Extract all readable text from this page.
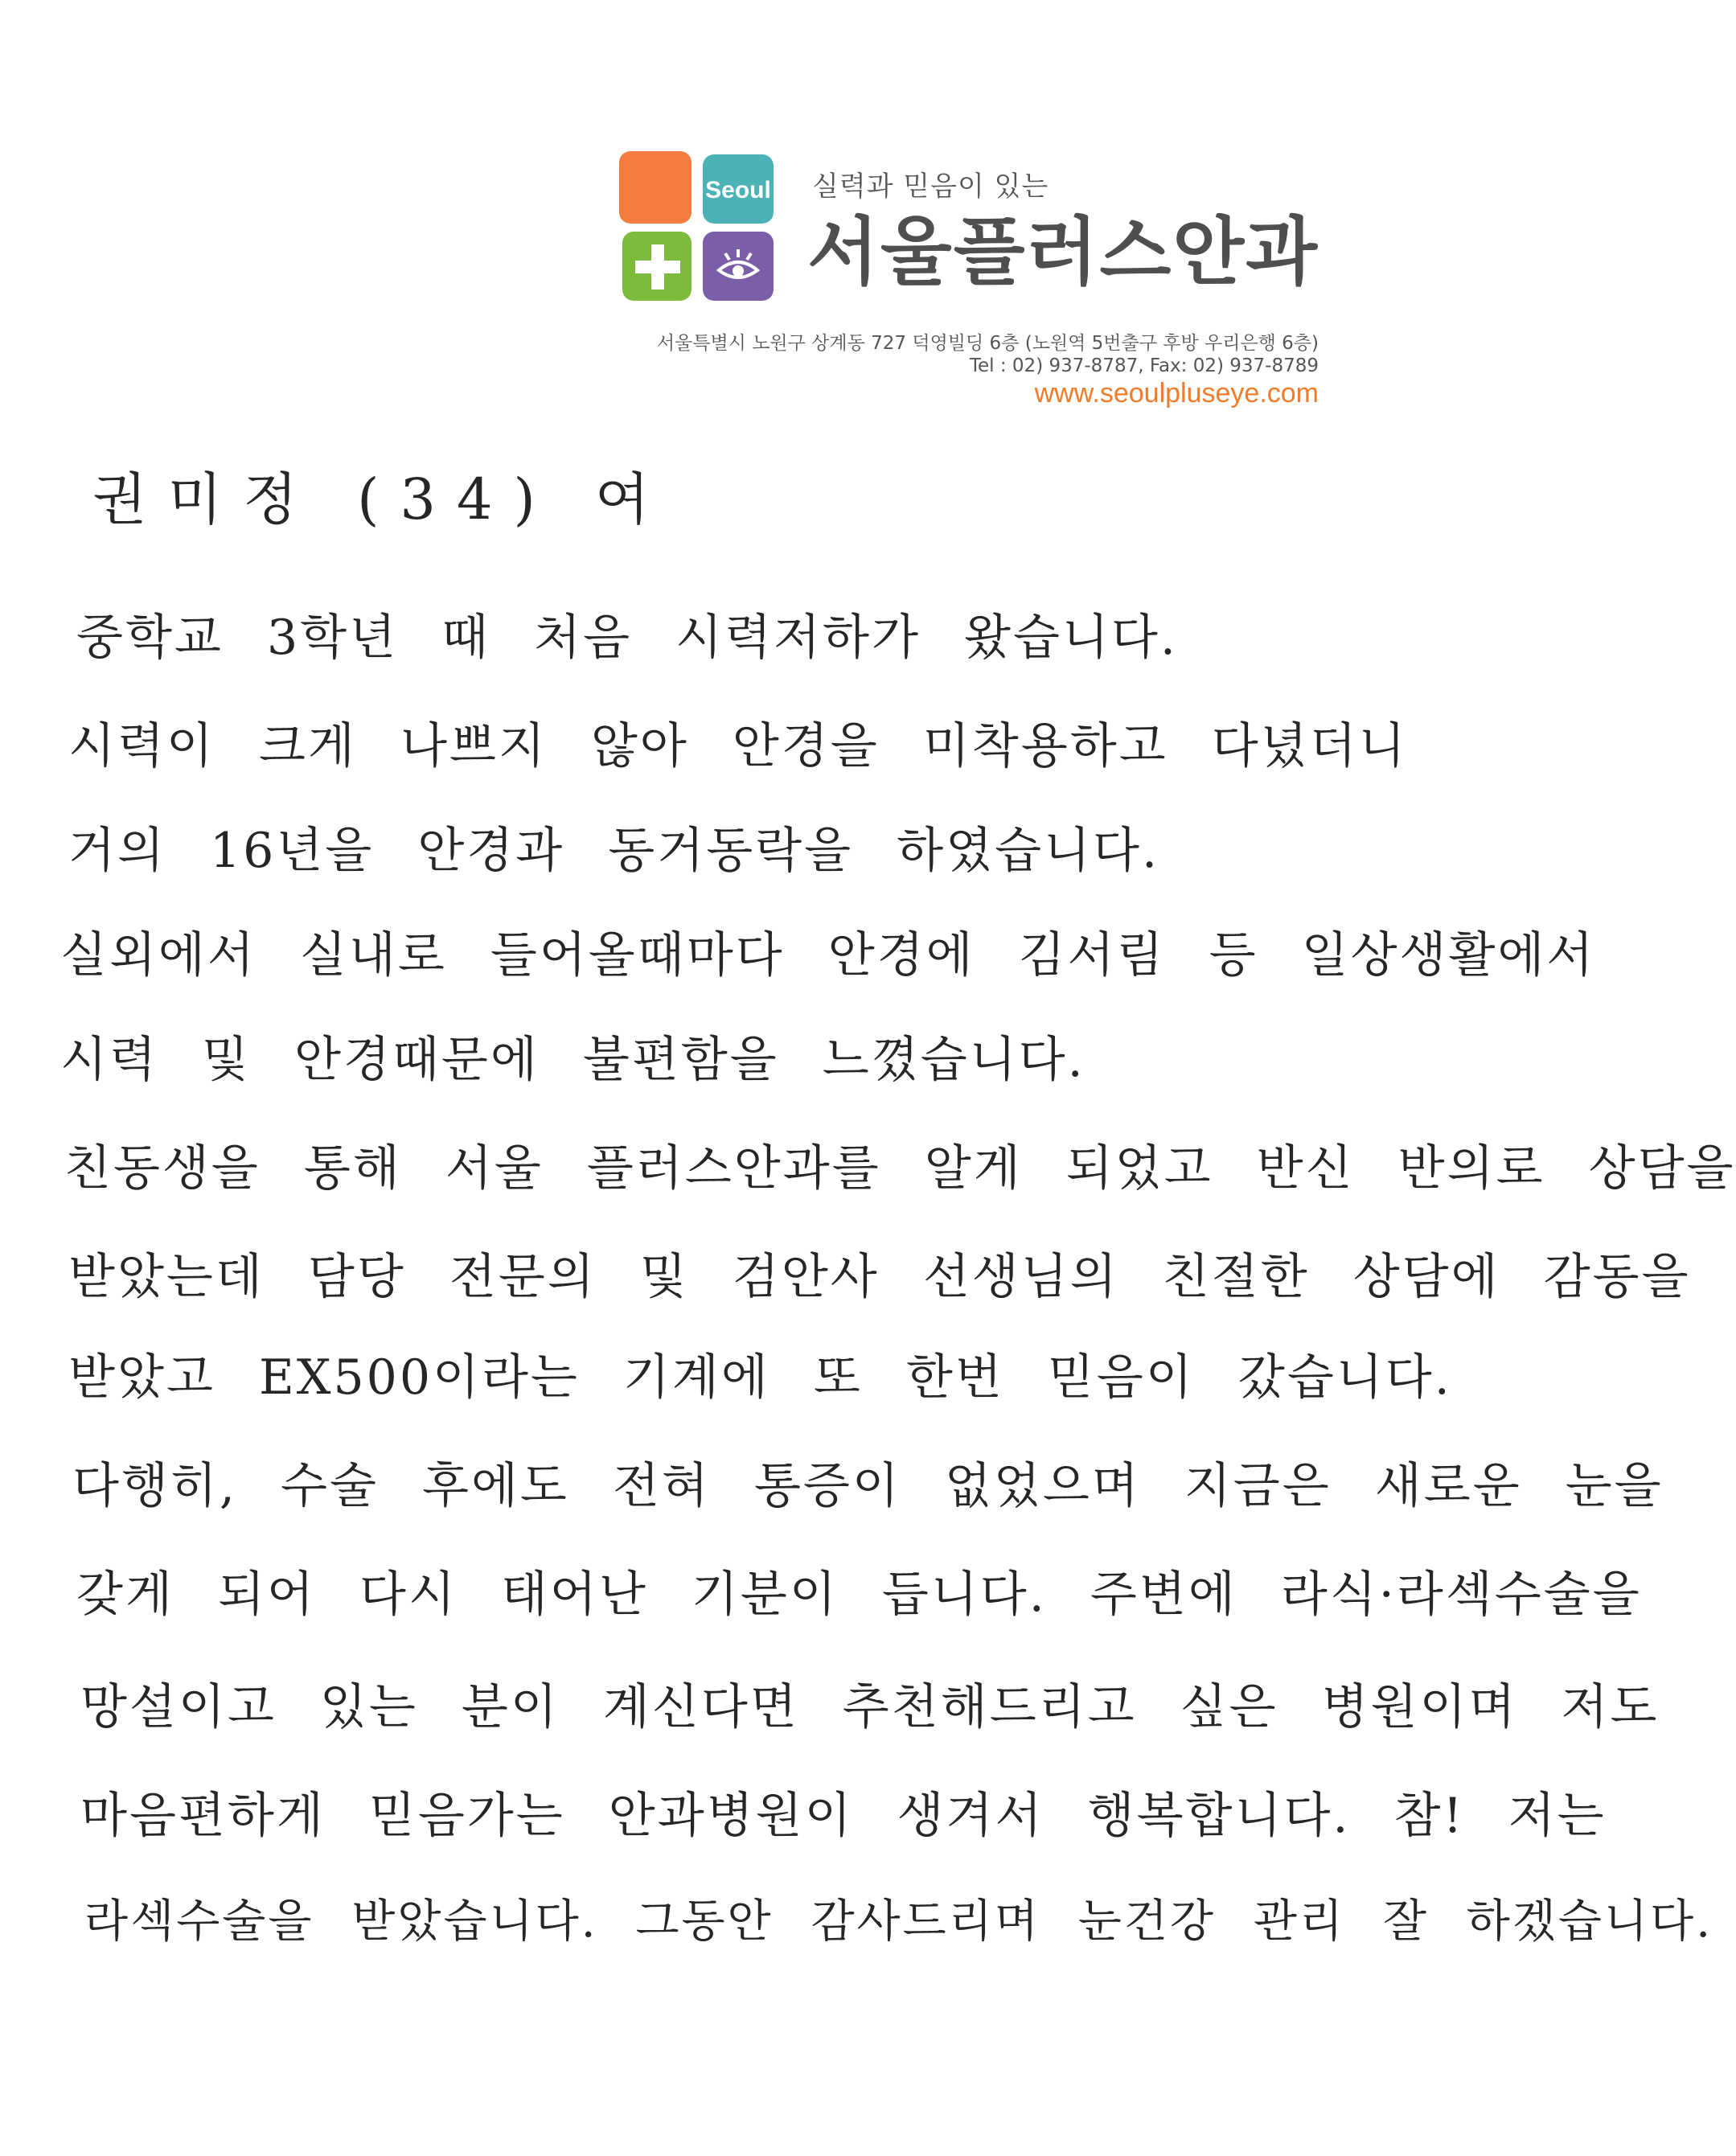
Seoul 실력과 믿음이 있는
서울플러스안과
서울특별시 노원구 상계동 727 덕영빌딩 6층 (노원역 5번출구 후방 우리은행 6층)
Tel : 02) 937-8787, Fax: 02) 937-8789
www.seoulpluseye.com
권미정 (34) 여
중학교 3학년 때 처음 시력저하가 왔습니다.
시력이 크게 나쁘지 않아 안경을 미착용하고 다녔더니
거의 16년을 안경과 동거동락을 하였습니다.
실외에서 실내로 들어올때마다 안경에 김서림 등 일상생활에서
시력 및 안경때문에 불편함을 느꼈습니다.
친동생을 통해 서울 플러스안과를 알게 되었고 반신 반의로 상담을
받았는데 담당 전문의 및 검안사 선생님의 친절한 상담에 감동을
받았고 EX500이라는 기계에 또 한번 믿음이 갔습니다.
다행히, 수술 후에도 전혀 통증이 없었으며 지금은 새로운 눈을
갖게 되어 다시 태어난 기분이 듭니다. 주변에 라식·라섹수술을
망설이고 있는 분이 계신다면 추천해드리고 싶은 병원이며 저도
마음편하게 믿음가는 안과병원이 생겨서 행복합니다. 참! 저는
라섹수술을 받았습니다. 그동안 감사드리며 눈건강 관리 잘 하겠습니다.
